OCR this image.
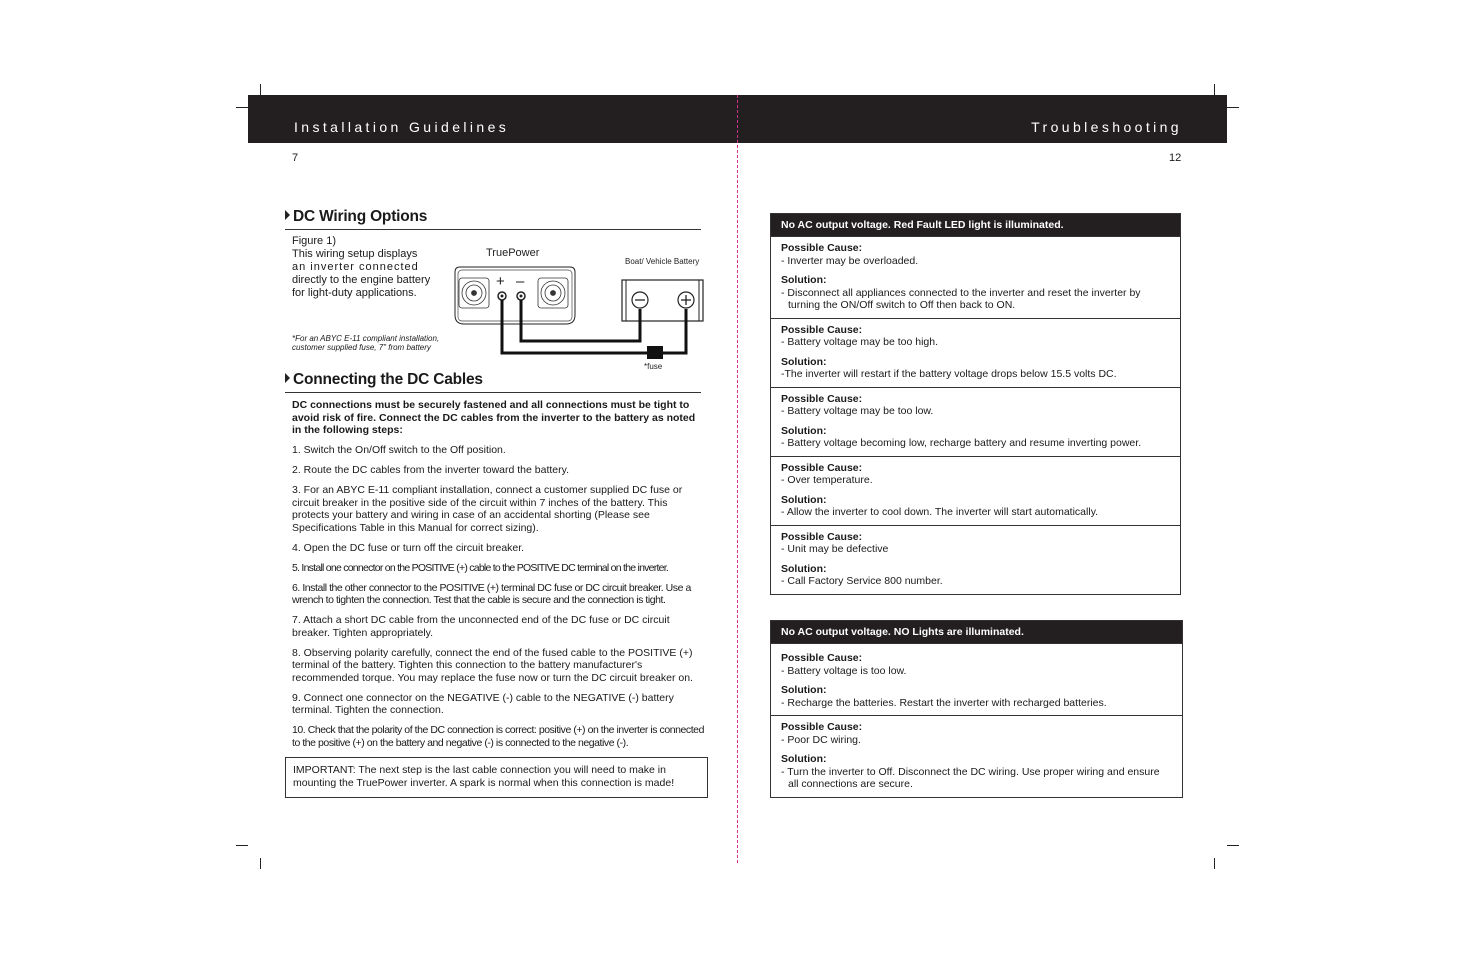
Installation Guidelines	Troubleshooting
7	12
DC Wiring Options
Figure 1)
This wiring setup displays
an inverter connected
directly to the engine battery
for light-duty applications.
*For an ABYC E-11 compliant installation,
customer supplied fuse, 7" from battery
TruePower
Boat/ Vehicle Battery
+ –
*fuse
Connecting the DC Cables
DC connections must be securely fastened and all connections must be tight to avoid risk of fire. Connect the DC cables from the inverter to the battery as noted in the following steps:
1. Switch the On/Off switch to the Off position.
2. Route the DC cables from the inverter toward the battery.
3. For an ABYC E-11 compliant installation, connect a customer supplied DC fuse or circuit breaker in the positive side of the circuit within 7 inches of the battery. This protects your battery and wiring in case of an accidental shorting (Please see Specifications Table in this Manual for correct sizing).
4. Open the DC fuse or turn off the circuit breaker.
5. Install one connector on the POSITIVE (+) cable to the POSITIVE DC terminal on the inverter.
6. Install the other connector to the POSITIVE (+) terminal DC fuse or DC circuit breaker. Use a wrench to tighten the connection. Test that the cable is secure and the connection is tight.
7. Attach a short DC cable from the unconnected end of the DC fuse or DC circuit breaker. Tighten appropriately.
8. Observing polarity carefully, connect the end of the fused cable to the POSITIVE (+) terminal of the battery. Tighten this connection to the battery manufacturer's recommended torque. You may replace the fuse now or turn the DC circuit breaker on.
9. Connect one connector on the NEGATIVE (-) cable to the NEGATIVE (-) battery terminal. Tighten the connection.
10. Check that the polarity of the DC connection is correct: positive (+) on the inverter is connected to the positive (+) on the battery and negative (-) is connected to the negative (-).
IMPORTANT: The next step is the last cable connection you will need to make in mounting the TruePower inverter. A spark is normal when this connection is made!
No AC output voltage. Red Fault LED light is illuminated.
Possible Cause:
- Inverter may be overloaded.
Solution:
- Disconnect all appliances connected to the inverter and reset the inverter by turning the ON/Off switch to Off then back to ON.
Possible Cause:
- Battery voltage may be too high.
Solution:
-The inverter will restart if the battery voltage drops below 15.5 volts DC.
Possible Cause:
- Battery voltage may be too low.
Solution:
- Battery voltage becoming low, recharge battery and resume inverting power.
Possible Cause:
- Over temperature.
Solution:
- Allow the inverter to cool down. The inverter will start automatically.
Possible Cause:
- Unit may be defective
Solution:
- Call Factory Service 800 number.
No AC output voltage. NO Lights are illuminated.
Possible Cause:
- Battery voltage is too low.
Solution:
- Recharge the batteries. Restart the inverter with recharged batteries.
Possible Cause:
- Poor DC wiring.
Solution:
- Turn the inverter to Off. Disconnect the DC wiring. Use proper wiring and ensure all connections are secure.
